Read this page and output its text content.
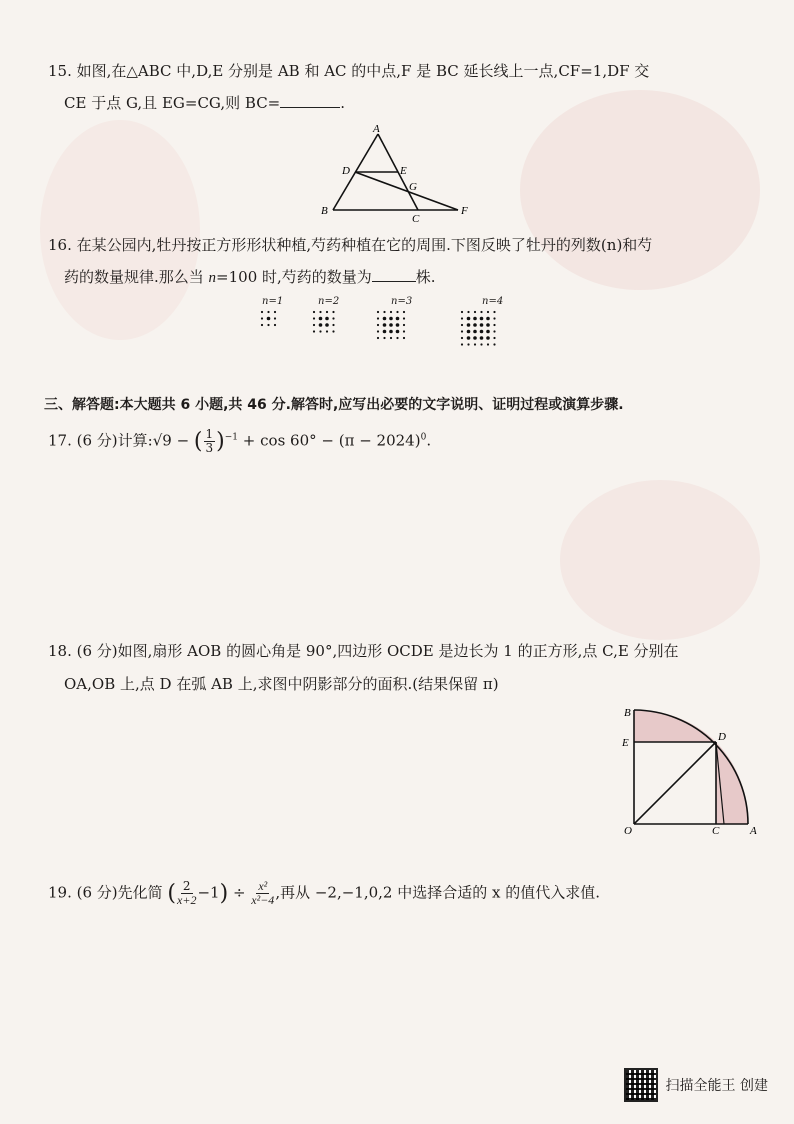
15. 如图,在△ABC 中,D,E 分别是 AB 和 AC 的中点,F 是 BC 延长线上一点,CF=1,DF 交
CE 于点 G,且 EG=CG,则 BC=	.
A
D	E
G
B
C
F
16. 在某公园内,牡丹按正方形形状种植,芍药种植在它的周围.下图反映了牡丹的列数(n)和芍
药的数量规律.那么当 n=100 时,芍药的数量为	株.
n=1	n=2	n=3	n=4
三、解答题:本大题共 6 小题,共 46 分.解答时,应写出必要的文字说明、证明过程或演算步骤.
17. (6 分)计算:√9 − ( $\frac{1}{3} )^{-1} + \cos 60^\circ - (\pi - 2024)^0$.
18. (6 分)如图,扇形 AOB 的圆心角是 90°,四边形 OCDE 是边长为 1 的正方形,点 C,E 分别在
OA,OB 上,点 D 在弧 AB 上,求图中阴影部分的面积.(结果保留 π)
B
E	D
O	C	A
19. (6 分)先化简 ( $\frac{2}{x+2} -1) \div \frac{\text{x²}}{\text{x²−4}}$ ,再从 −2,−1,0,2 中选择合适的 x 的值代入求值.
扫描全能王 创建
